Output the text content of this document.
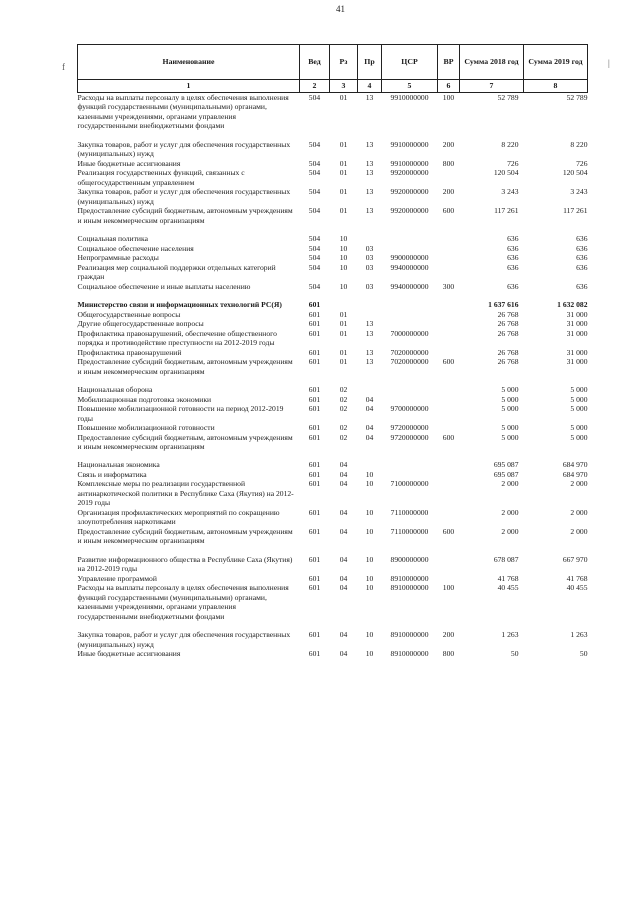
41
f	|
Наименование	Вед	Рз	Пр	ЦСР	ВР	Сумма 2018 год	Сумма 2019 год
1	2	3	4	5	6	7	8
Расходы на выплаты персоналу в целях обеспечения выполнения функций государственными (муниципальными) органами, казенными учреждениями, органами управления государственными внебюджетными фондами	504	01	13	9910000000	100	52 789	52 789

Закупка товаров, работ и услуг для обеспечения государственных (муниципальных) нужд	504	01	13	9910000000	200	8 220	8 220
Иные бюджетные ассигнования	504	01	13	9910000000	800	726	726
Реализация государственных функций, связанных с общегосударственным управлением	504	01	13	9920000000		120 504	120 504
Закупка товаров, работ и услуг для обеспечения государственных (муниципальных) нужд	504	01	13	9920000000	200	3 243	3 243
Предоставление субсидий бюджетным, автономным учреждениям и иным некоммерческим организациям	504	01	13	9920000000	600	117 261	117 261

Социальная политика	504	10				636	636
Социальное обеспечение населения	504	10	03			636	636
Непрограммные расходы	504	10	03	9900000000		636	636
Реализация мер социальной поддержки отдельных категорий граждан	504	10	03	9940000000		636	636
Социальное обеспечение и иные выплаты населению	504	10	03	9940000000	300	636	636

Министерство связи и информационных технологий РС(Я)	601					1 637 616	1 632 082
Общегосударственные вопросы	601	01				26 768	31 000
Другие общегосударственные вопросы	601	01	13			26 768	31 000
Профилактика правонарушений, обеспечение общественного порядка и противодействие преступности на 2012-2019 годы	601	01	13	7000000000		26 768	31 000
Профилактика правонарушений	601	01	13	7020000000		26 768	31 000
Предоставление субсидий бюджетным, автономным учреждениям и иным некоммерческим организациям	601	01	13	7020000000	600	26 768	31 000

Национальная оборона	601	02				5 000	5 000
Мобилизационная подготовка экономики	601	02	04			5 000	5 000
Повышение мобилизационной готовности на период 2012-2019 годы	601	02	04	9700000000		5 000	5 000
Повышение мобилизационной готовности	601	02	04	9720000000		5 000	5 000
Предоставление субсидий бюджетным, автономным учреждениям и иным некоммерческим организациям	601	02	04	9720000000	600	5 000	5 000

Национальная экономика	601	04				695 087	684 970
Связь и информатика	601	04	10			695 087	684 970
Комплексные меры по реализации государственной антинаркотической политики в Республике Саха (Якутия) на 2012-2019 годы	601	04	10	7100000000		2 000	2 000
Организация профилактических мероприятий по сокращению злоупотребления наркотиками	601	04	10	7110000000		2 000	2 000
Предоставление субсидий бюджетным, автономным учреждениям и иным некоммерческим организациям	601	04	10	7110000000	600	2 000	2 000

Развитие информационного общества в Республике Саха (Якутия) на 2012-2019 годы	601	04	10	8900000000		678 087	667 970
Управление программой	601	04	10	8910000000		41 768	41 768
Расходы на выплаты персоналу в целях обеспечения выполнения функций государственными (муниципальными) органами, казенными учреждениями, органами управления государственными внебюджетными фондами	601	04	10	8910000000	100	40 455	40 455

Закупка товаров, работ и услуг для обеспечения государственных (муниципальных) нужд	601	04	10	8910000000	200	1 263	1 263
Иные бюджетные ассигнования	601	04	10	8910000000	800	50	50
